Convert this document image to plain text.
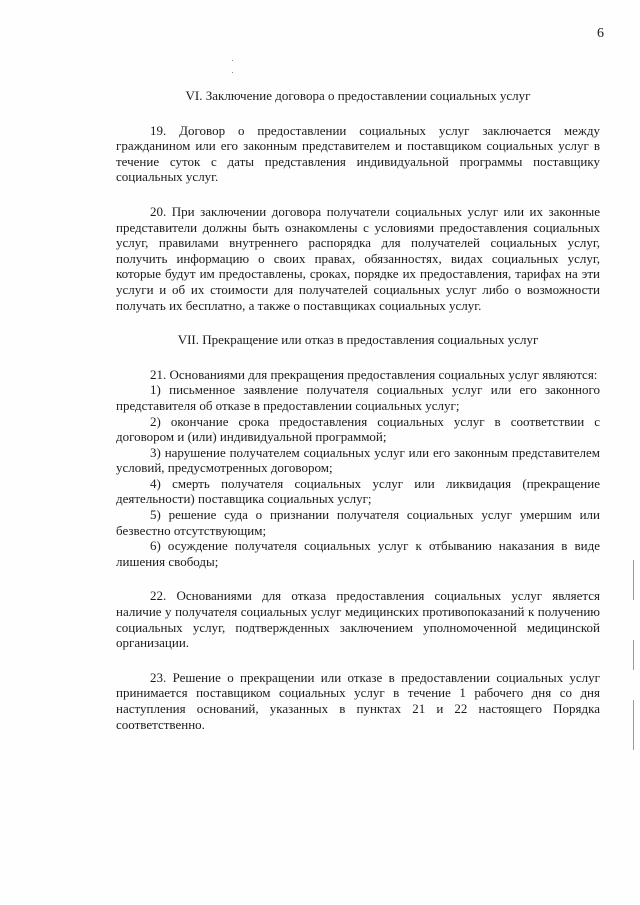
6
VI. Заключение договора о предоставлении социальных услуг

19. Договор о предоставлении социальных услуг заключается между гражданином или его законным представителем и поставщиком социальных услуг в течение суток с даты представления индивидуальной программы поставщику социальных услуг.

20. При заключении договора получатели социальных услуг или их законные представители должны быть ознакомлены с условиями предоставления социальных услуг, правилами внутреннего распорядка для получателей социальных услуг, получить информацию о своих правах, обязанностях, видах социальных услуг, которые будут им предоставлены, сроках, порядке их предоставления, тарифах на эти услуги и об их стоимости для получателей социальных услуг либо о возможности получать их бесплатно, а также о поставщиках социальных услуг.

VII. Прекращение или отказ в предоставления социальных услуг

21. Основаниями для прекращения предоставления социальных услуг являются:

1) письменное заявление получателя социальных услуг или его законного представителя об отказе в предоставлении социальных услуг;
2) окончание срока предоставления социальных услуг в соответствии с договором и (или) индивидуальной программой;
3) нарушение получателем социальных услуг или его законным представителем условий, предусмотренных договором;
4) смерть получателя социальных услуг или ликвидация (прекращение деятельности) поставщика социальных услуг;
5) решение суда о признании получателя социальных услуг умершим или безвестно отсутствующим;
6) осуждение получателя социальных услуг к отбыванию наказания в виде лишения свободы;

22. Основаниями для отказа предоставления социальных услуг является наличие у получателя социальных услуг медицинских противопоказаний к получению социальных услуг, подтвержденных заключением уполномоченной медицинской организации.

23. Решение о прекращении или отказе в предоставлении социальных услуг принимается поставщиком социальных услуг в течение 1 рабочего дня со дня наступления оснований, указанных в пунктах 21 и 22 настоящего Порядка соответственно.
